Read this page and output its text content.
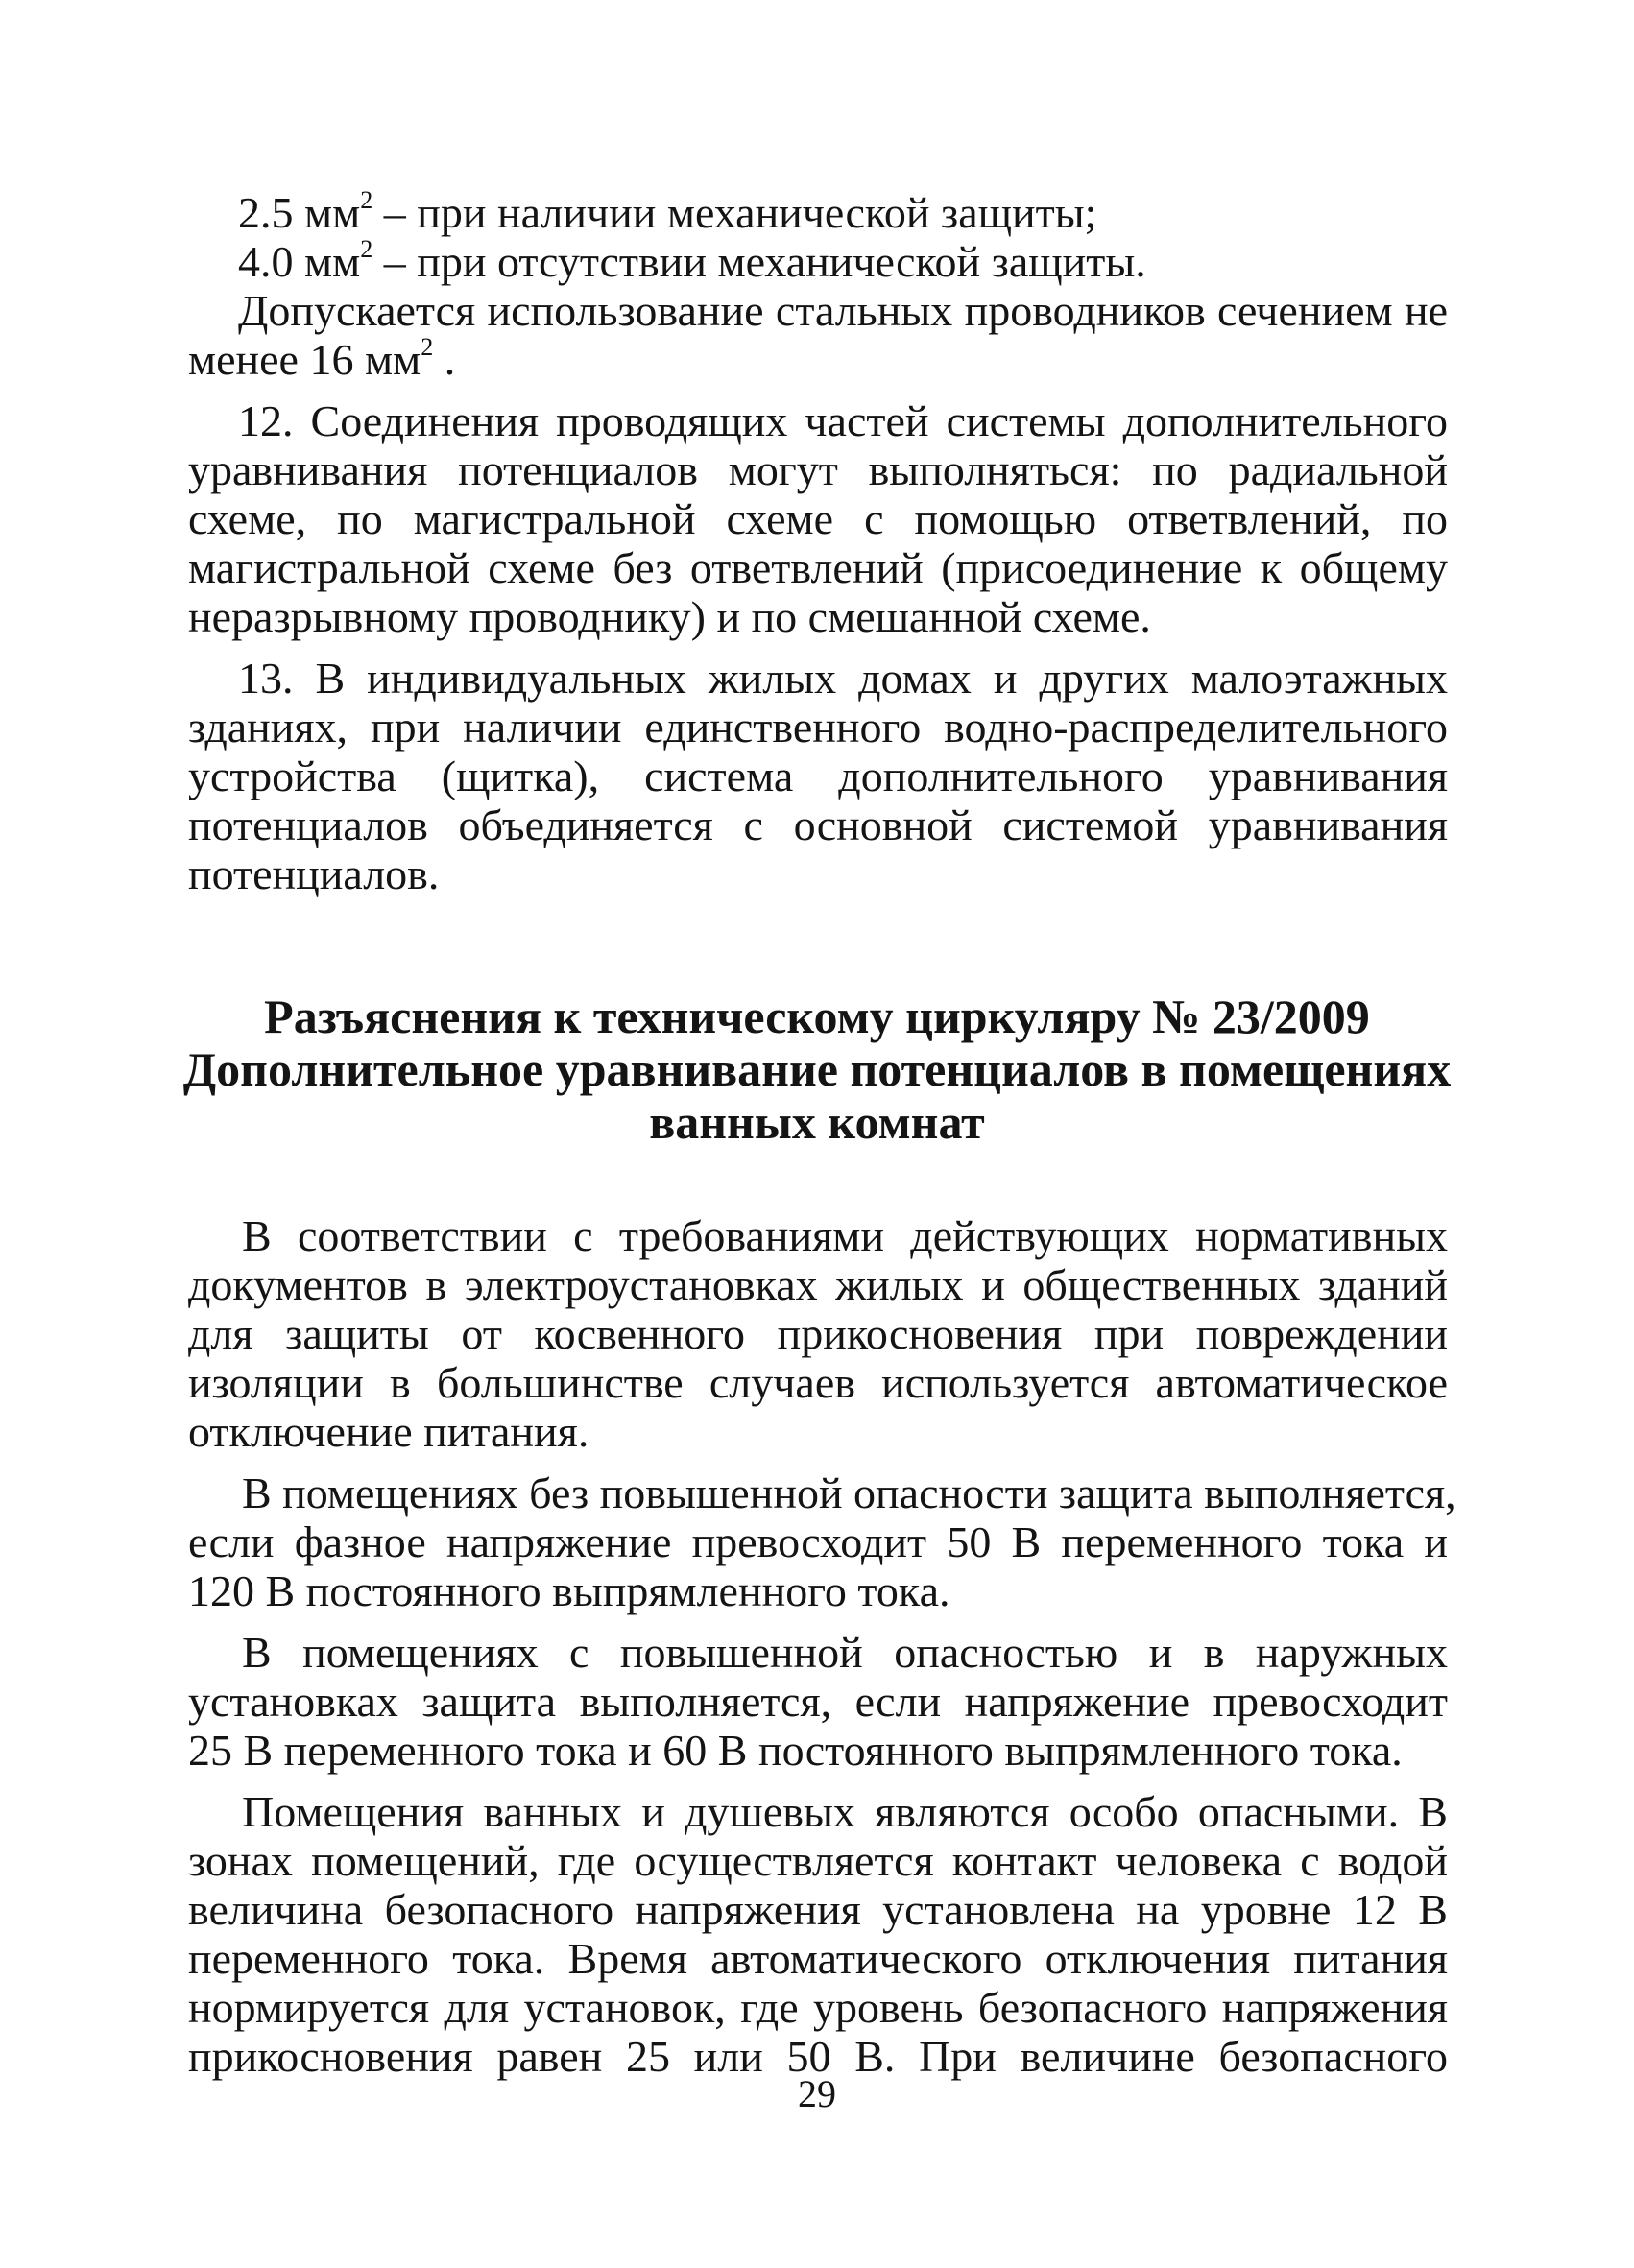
2.5 $мм^2$ – при наличии механической защиты;
4.0 $мм^2$ – при отсутствии механической защиты.
Допускается использование стальных проводников сечением не
менее 16 $мм^2$ .
12. Соединения проводящих частей системы дополнительного
уравнивания потенциалов могут выполняться: по радиальной
схеме, по магистральной схеме с помощью ответвлений, по
магистральной схеме без ответвлений (присоединение к общему
неразрывному проводнику) и по смешанной схеме.
13. В индивидуальных жилых домах и других малоэтажных
зданиях, при наличии единственного водно-распределительного
устройства (щитка), система дополнительного уравнивания
потенциалов объединяется с основной системой уравнивания
потенциалов.
Разъяснения к техническому циркуляру № 23/2009
Дополнительное уравнивание потенциалов в помещениях
ванных комнат
В соответствии с требованиями действующих нормативных
документов в электроустановках жилых и общественных зданий
для защиты от косвенного прикосновения при повреждении
изоляции в большинстве случаев используется автоматическое
отключение питания.
В помещениях без повышенной опасности защита выполняется,
если фазное напряжение превосходит 50 В переменного тока и
120 В постоянного выпрямленного тока.
В помещениях с повышенной опасностью и в наружных
установках защита выполняется, если напряжение превосходит
25 В переменного тока и 60 В постоянного выпрямленного тока.
Помещения ванных и душевых являются особо опасными. В
зонах помещений, где осуществляется контакт человека с водой
величина безопасного напряжения установлена на уровне 12 В
переменного тока. Время автоматического отключения питания
нормируется для установок, где уровень безопасного напряжения
прикосновения равен 25 или 50 В. При величине безопасного
29
